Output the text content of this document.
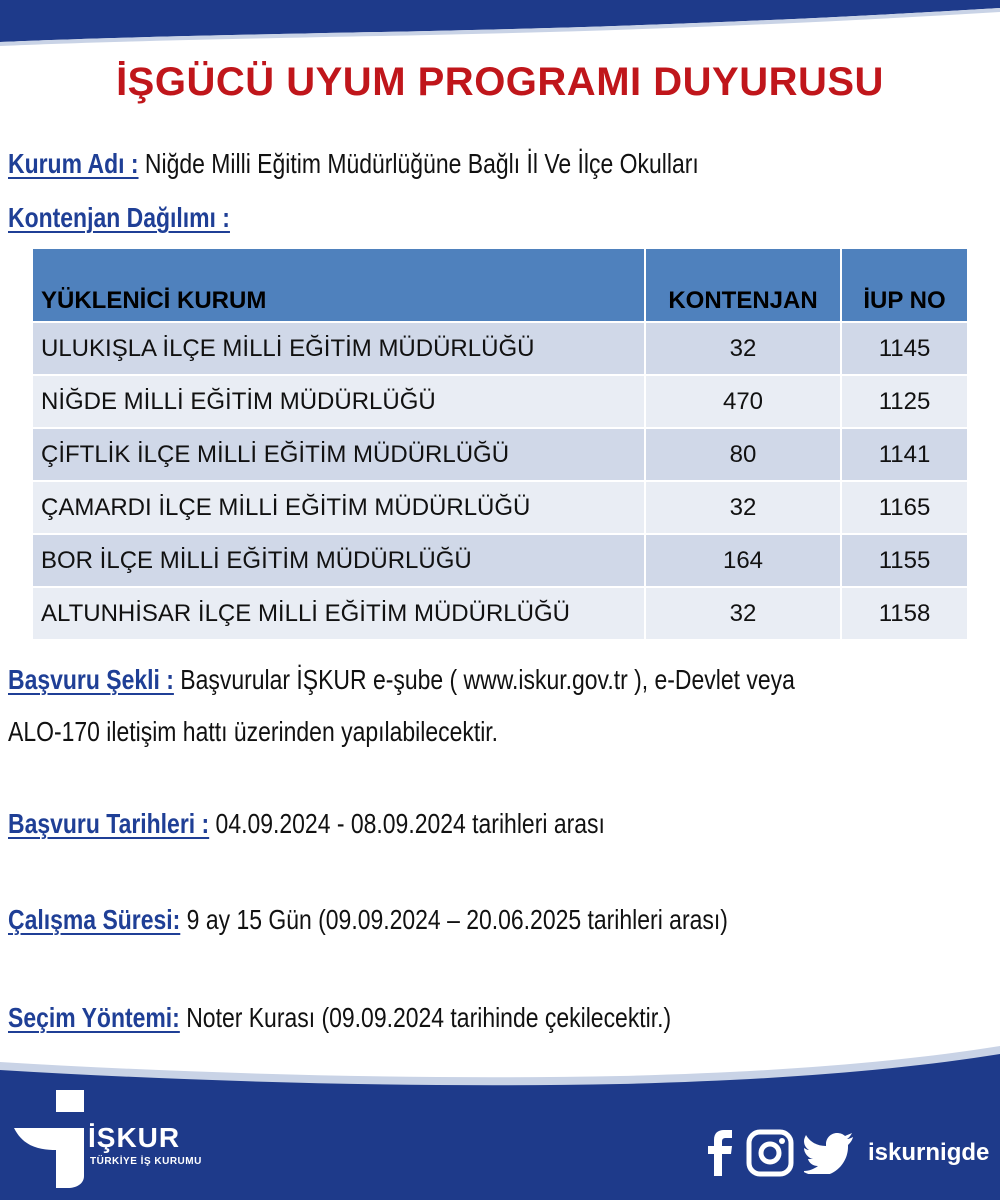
İŞGÜCÜ UYUM PROGRAMI DUYURUSU
Kurum Adı : Niğde Milli Eğitim Müdürlüğüne Bağlı İl Ve İlçe Okulları
Kontenjan Dağılımı :
YÜKLENİCİ KURUM	KONTENJAN	İUP NO
ULUKIŞLA İLÇE MİLLİ EĞİTİM MÜDÜRLÜĞÜ	32	1145
NİĞDE MİLLİ EĞİTİM MÜDÜRLÜĞÜ	470	1125
ÇİFTLİK İLÇE MİLLİ EĞİTİM MÜDÜRLÜĞÜ	80	1141
ÇAMARDI İLÇE MİLLİ EĞİTİM MÜDÜRLÜĞÜ	32	1165
BOR İLÇE MİLLİ EĞİTİM MÜDÜRLÜĞÜ	164	1155
ALTUNHİSAR İLÇE MİLLİ EĞİTİM MÜDÜRLÜĞÜ	32	1158
Başvuru Şekli : Başvurular İŞKUR e-şube ( www.iskur.gov.tr ), e-Devlet veya
ALO-170 iletişim hattı üzerinden yapılabilecektir.
Başvuru Tarihleri : 04.09.2024 - 08.09.2024 tarihleri arası
Çalışma Süresi: 9 ay 15 Gün (09.09.2024 – 20.06.2025 tarihleri arası)
Seçim Yöntemi: Noter Kurası (09.09.2024 tarihinde çekilecektir.)
İŞKUR
TÜRKİYE İŞ KURUMU	iskurnigde
